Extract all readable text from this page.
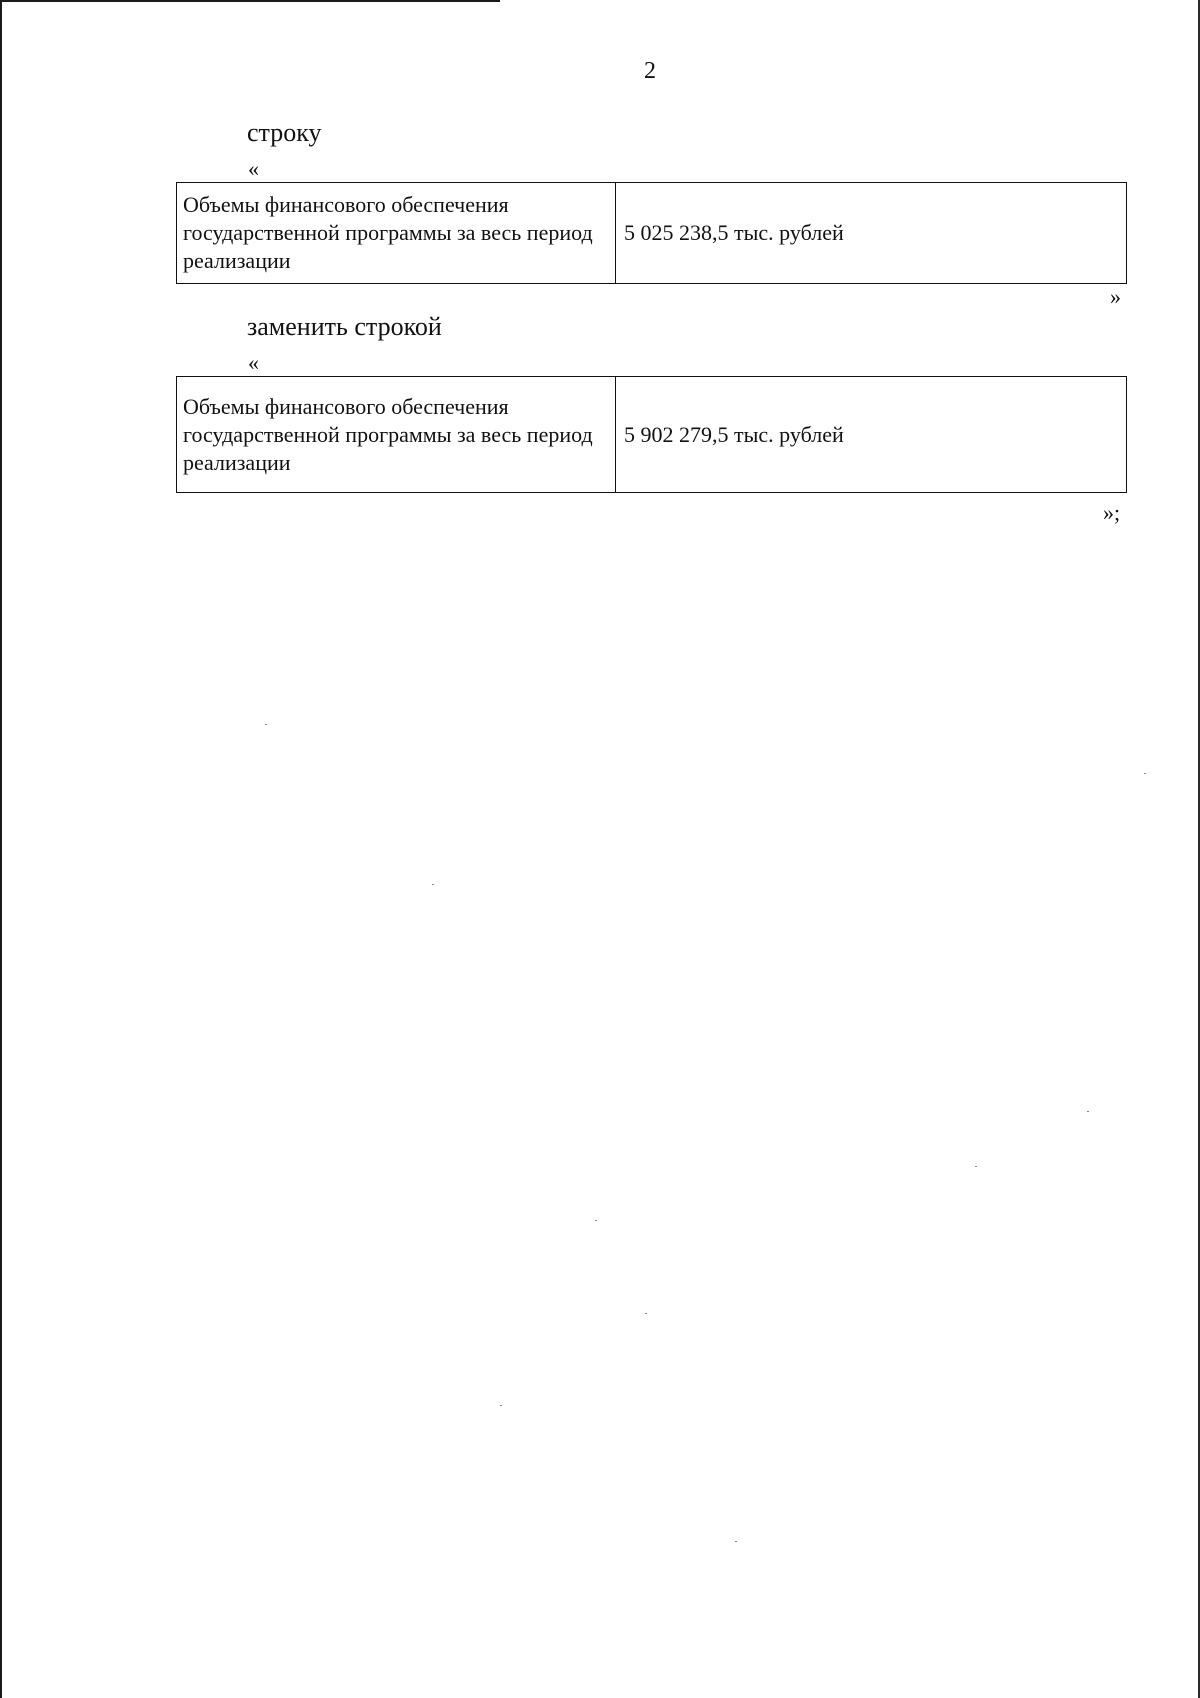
2
строку
«
Объемы финансового обеспечения государственной программы за весь период реализации	5 025 238,5 тыс. рублей
»
заменить строкой
«
Объемы финансового обеспечения государственной программы за весь период реализации	5 902 279,5 тыс. рублей
»;
